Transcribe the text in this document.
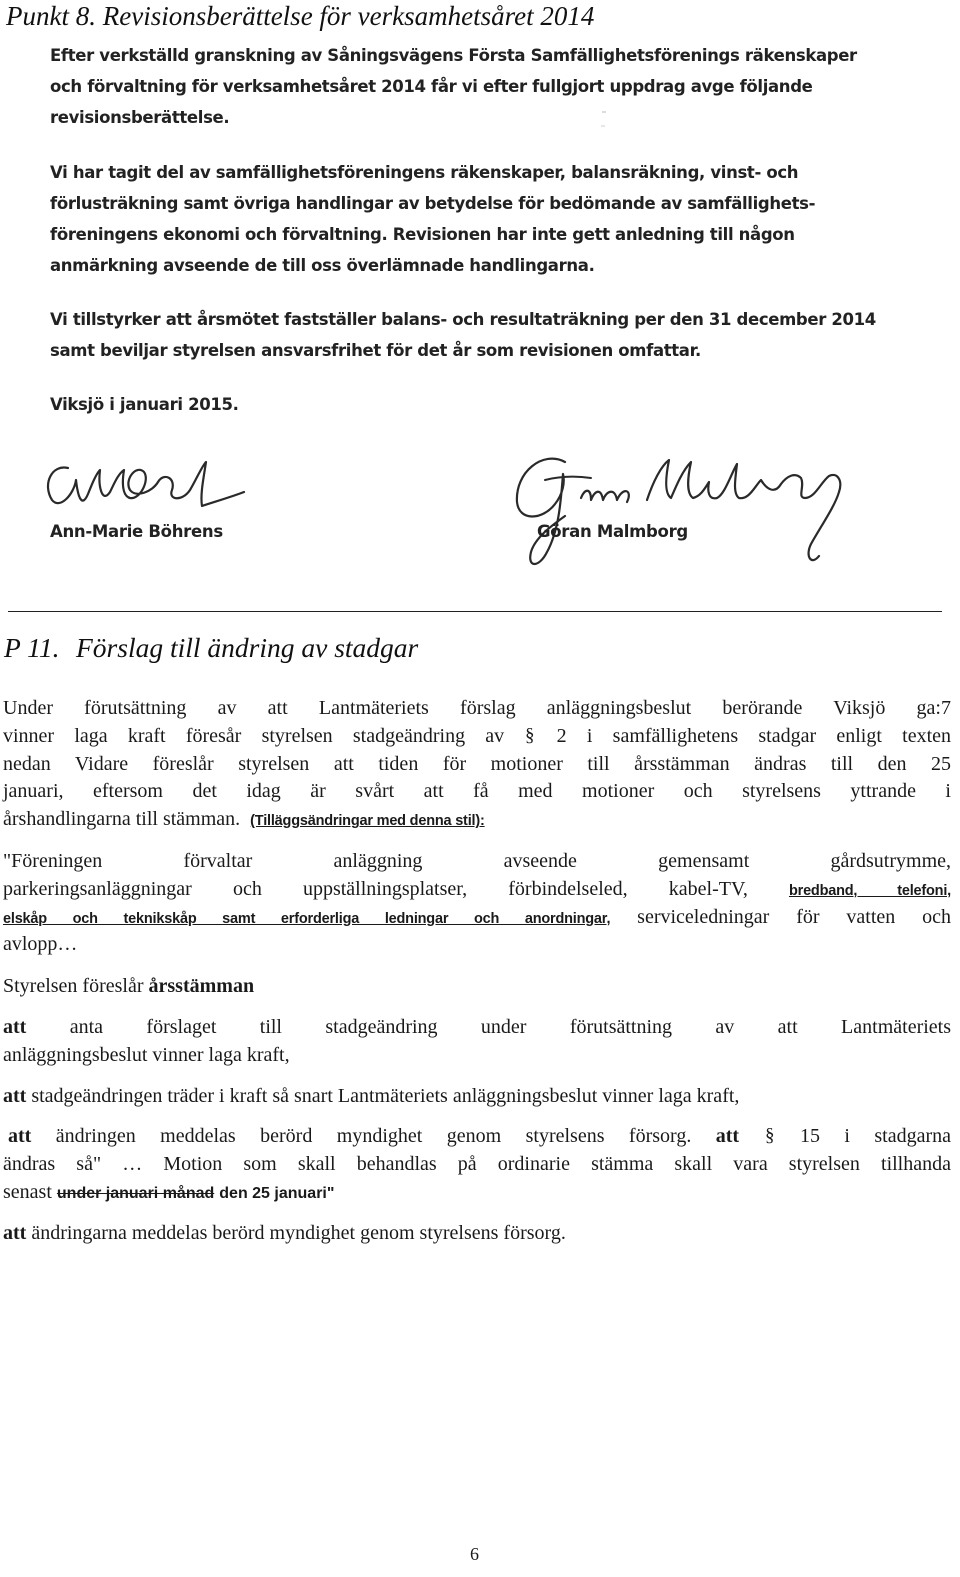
Punkt 8. Revisionsberättelse för verksamhetsåret 2014
Efter verkställd granskning av Såningsvägens Första Samfällighetsförenings räkenskaper
och förvaltning för verksamhetsåret 2014 får vi efter fullgjort uppdrag avge följande
revisionsberättelse.
Vi har tagit del av samfällighetsföreningens räkenskaper, balansräkning, vinst- och
förlusträkning samt övriga handlingar av betydelse för bedömande av samfällighets-
föreningens ekonomi och förvaltning. Revisionen har inte gett anledning till någon
anmärkning avseende de till oss överlämnade handlingarna.
Vi tillstyrker att årsmötet fastställer balans- och resultaträkning per den 31 december 2014
samt beviljar styrelsen ansvarsfrihet för det år som revisionen omfattar.
Viksjö i januari 2015.
Ann-Marie Böhrens	Göran Malmborg
P 11. Förslag till ändring av stadgar
Under förutsättning av att Lantmäteriets förslag anläggningsbeslut berörande Viksjö ga:7
vinner laga kraft föresår styrelsen stadgeändring av § 2 i samfällighetens stadgar enligt texten
nedan Vidare föreslår styrelsen att tiden för motioner till årsstämman ändras till den 25
januari, eftersom det idag är svårt att få med motioner och styrelsens yttrande i
årshandlingarna till stämman. (Tilläggsändringar med denna stil):
"Föreningen förvaltar anläggning avseende gemensamt gårdsutrymme,
parkeringsanläggningar och uppställningsplatser, förbindelseled, kabel-TV,	bredband, telefoni,
elskåp och teknikskåp samt erforderliga ledningar och anordningar, serviceledningar för vatten och
avlopp…
Styrelsen föreslår årsstämman
att anta förslaget till stadgeändring under förutsättning av att Lantmäteriets
anläggningsbeslut vinner laga kraft,
att stadgeändringen träder i kraft så snart Lantmäteriets anläggningsbeslut vinner laga kraft,
att ändringen meddelas berörd myndighet genom styrelsens försorg. att § 15 i stadgarna
ändras så" … Motion som skall behandlas på ordinarie stämma skall vara styrelsen tillhanda
senast under januari månad den 25 januari"
att ändringarna meddelas berörd myndighet genom styrelsens försorg.
6
